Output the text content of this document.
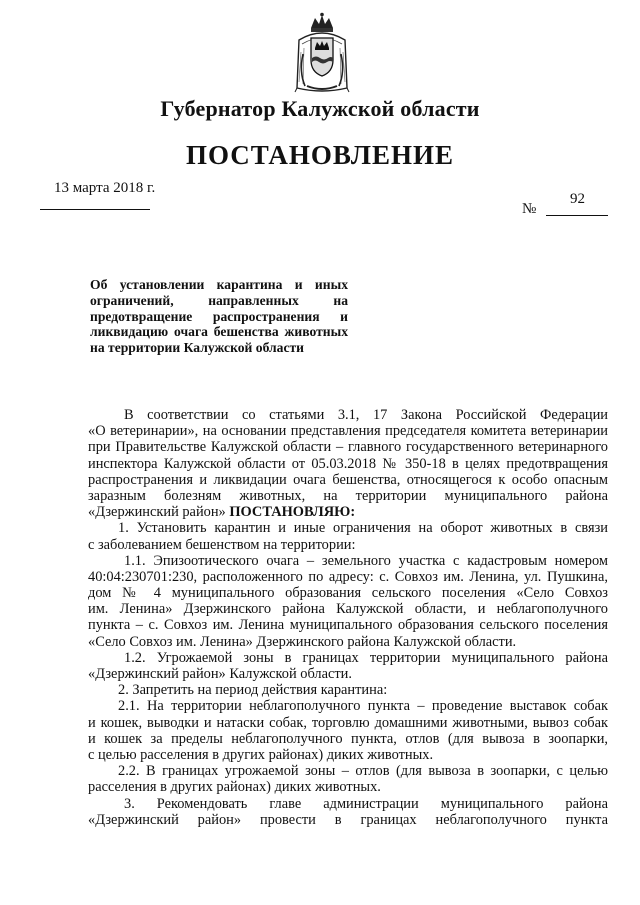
Губернатор Калужской области
ПОСТАНОВЛЕНИЕ
13 марта 2018 г.
92
№
Об установлении карантина и иных
ограничений, направленных на
предотвращение распространения и
ликвидацию очага бешенства животных
на территории Калужской области
В соответствии со статьями 3.1, 17 Закона Российской Федерации
«О ветеринарии», на основании представления председателя комитета ветеринарии
при Правительстве Калужской области – главного государственного ветеринарного
инспектора Калужской области от 05.03.2018 № 350-18 в целях предотвращения
распространения и ликвидации очага бешенства, относящегося к особо опасным
заразным болезням животных, на территории муниципального района
«Дзержинский район» ПОСТАНОВЛЯЮ:
1. Установить карантин и иные ограничения на оборот животных в связи
с заболеванием бешенством на территории:
1.1. Эпизоотического очага – земельного участка с кадастровым номером
40:04:230701:230, расположенного по адресу: с. Совхоз им. Ленина, ул. Пушкина,
дом № 4 муниципального образования сельского поселения «Село Совхоз
им. Ленина» Дзержинского района Калужской области, и неблагополучного
пункта – с. Совхоз им. Ленина муниципального образования сельского поселения
«Село Совхоз им. Ленина» Дзержинского района Калужской области.
1.2. Угрожаемой зоны в границах территории муниципального района
«Дзержинский район» Калужской области.
2. Запретить на период действия карантина:
2.1. На территории неблагополучного пункта – проведение выставок собак
и кошек, выводки и натаски собак, торговлю домашними животными, вывоз собак
и кошек за пределы неблагополучного пункта, отлов (для вывоза в зоопарки,
с целью расселения в других районах) диких животных.
2.2. В границах угрожаемой зоны – отлов (для вывоза в зоопарки, с целью
расселения в других районах) диких животных.
3. Рекомендовать главе администрации муниципального района
«Дзержинский район» провести в границах неблагополучного пункта
